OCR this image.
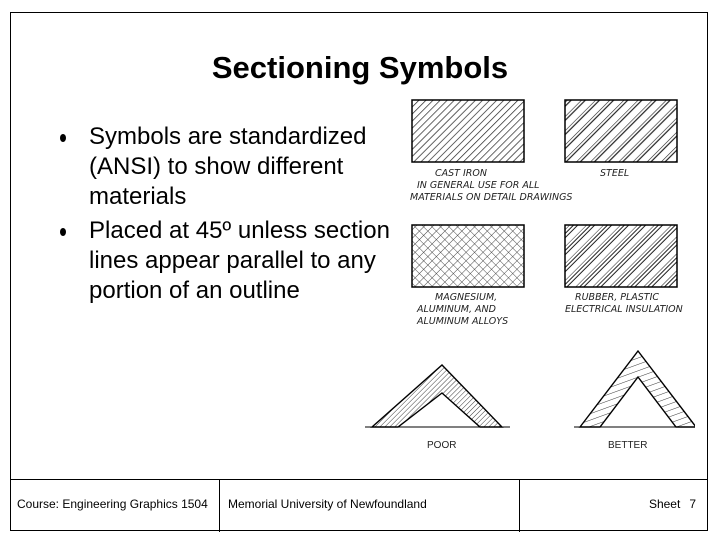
Sectioning Symbols
Symbols are standardized (ANSI) to show different materials
Placed at 45º unless section lines appear parallel to any portion of an outline
CAST IRON
IN GENERAL USE FOR ALL
MATERIALS ON DETAIL DRAWINGS
STEEL
MAGNESIUM,
ALUMINUM, AND
ALUMINUM ALLOYS
RUBBER, PLASTIC
ELECTRICAL INSULATION
POOR	BETTER
Course: Engineering Graphics 1504	Memorial University of Newfoundland	Sheet 7
